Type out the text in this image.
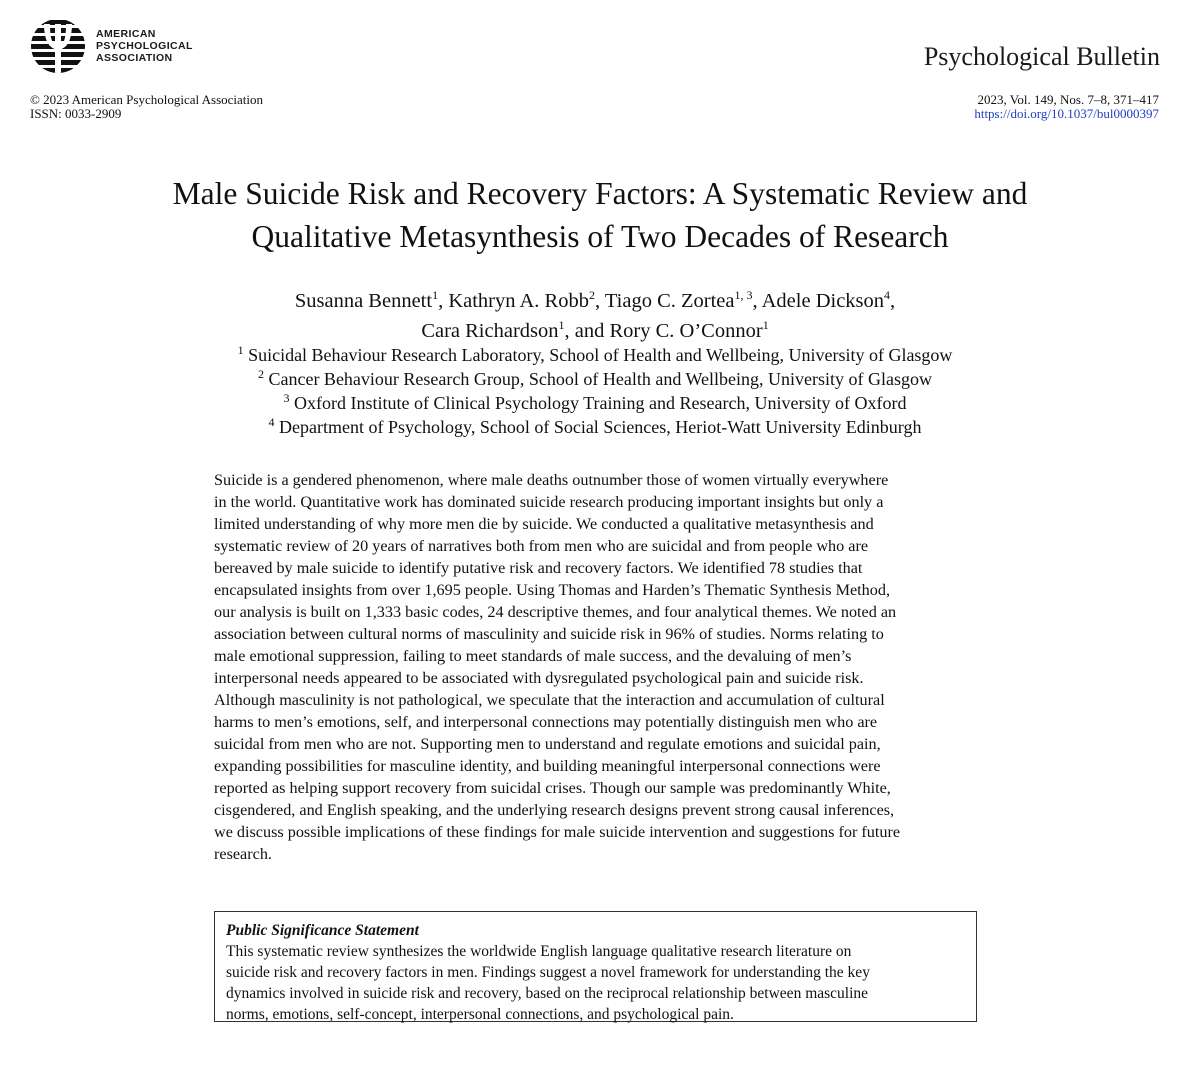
AMERICAN
PSYCHOLOGICAL
ASSOCIATION	Psychological Bulletin
© 2023 American Psychological Association
ISSN: 0033-2909
2023, Vol. 149, Nos. 7–8, 371–417
https://doi.org/10.1037/bul0000397
Male Suicide Risk and Recovery Factors: A Systematic Review and
Qualitative Metasynthesis of Two Decades of Research
Susanna Bennett$^1$, Kathryn A. Robb$^2$, Tiago C. Zortea$^{1, 3}$, Adele Dickson$^4$,
Cara Richardson$^1$, and Rory C. O’Connor$^1$
$^1$ Suicidal Behaviour Research Laboratory, School of Health and Wellbeing, University of Glasgow
$^2$ Cancer Behaviour Research Group, School of Health and Wellbeing, University of Glasgow
$^3$ Oxford Institute of Clinical Psychology Training and Research, University of Oxford
$^4$ Department of Psychology, School of Social Sciences, Heriot-Watt University Edinburgh
Suicide is a gendered phenomenon, where male deaths outnumber those of women virtually everywhere
in the world. Quantitative work has dominated suicide research producing important insights but only a
limited understanding of why more men die by suicide. We conducted a qualitative metasynthesis and
systematic review of 20 years of narratives both from men who are suicidal and from people who are
bereaved by male suicide to identify putative risk and recovery factors. We identified 78 studies that
encapsulated insights from over 1,695 people. Using Thomas and Harden’s Thematic Synthesis Method,
our analysis is built on 1,333 basic codes, 24 descriptive themes, and four analytical themes. We noted an
association between cultural norms of masculinity and suicide risk in 96% of studies. Norms relating to
male emotional suppression, failing to meet standards of male success, and the devaluing of men’s
interpersonal needs appeared to be associated with dysregulated psychological pain and suicide risk.
Although masculinity is not pathological, we speculate that the interaction and accumulation of cultural
harms to men’s emotions, self, and interpersonal connections may potentially distinguish men who are
suicidal from men who are not. Supporting men to understand and regulate emotions and suicidal pain,
expanding possibilities for masculine identity, and building meaningful interpersonal connections were
reported as helping support recovery from suicidal crises. Though our sample was predominantly White,
cisgendered, and English speaking, and the underlying research designs prevent strong causal inferences,
we discuss possible implications of these findings for male suicide intervention and suggestions for future
research.
Public Significance Statement
This systematic review synthesizes the worldwide English language qualitative research literature on
suicide risk and recovery factors in men. Findings suggest a novel framework for understanding the key
dynamics involved in suicide risk and recovery, based on the reciprocal relationship between masculine
norms, emotions, self-concept, interpersonal connections, and psychological pain.
